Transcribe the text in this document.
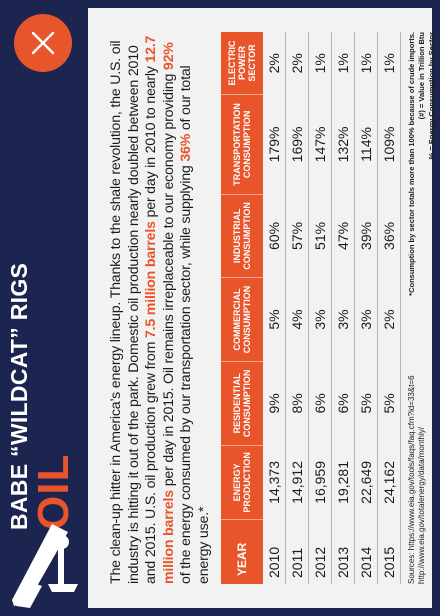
BABE “WILDCAT” RIGS
OIL The clean-up hitter in America’s energy lineup. Thanks to the shale revolution, the U.S. oil industry is hitting it out of the park. Domestic oil production nearly doubled between 2010 and 2015. U.S. oil production grew from 7.5 million barrels per day in 2010 to nearly 12.7 million barrels per day in 2015. Oil remains irreplaceable to our economy providing 92% of the energy consumed by our transportation sector, while supplying 36% of our total energy use.* YEAR	ENERGY PRODUCTION	RESIDENTIAL CONSUMPTION	COMMERCIAL CONSUMPTION	INDUSTRIAL CONSUMPTION	TRANSPORTATION CONSUMPTION	ELECTRIC POWER SECTOR
2010	14,373	9%	5%	60%	179%	2%
2011	14,912	8%	4%	57%	169%	2%
2012	16,959	6%	3%	51%	147%	1%
2013	19,281	6%	3%	47%	132%	1%
2014	22,649	5%	3%	39%	114%	1%
2015	24,162	5%	2%	36%	109%	1%
Sources: https://www.eia.gov/tools/faqs/faq.cfm?id=33&t=6 http://www.eia.gov/totalenergy/data/monthly/
*Consumption by sector totals more than 100% because of crude imports. (#) = Value in Trillion Btu % = Energy Consumption by Sector
